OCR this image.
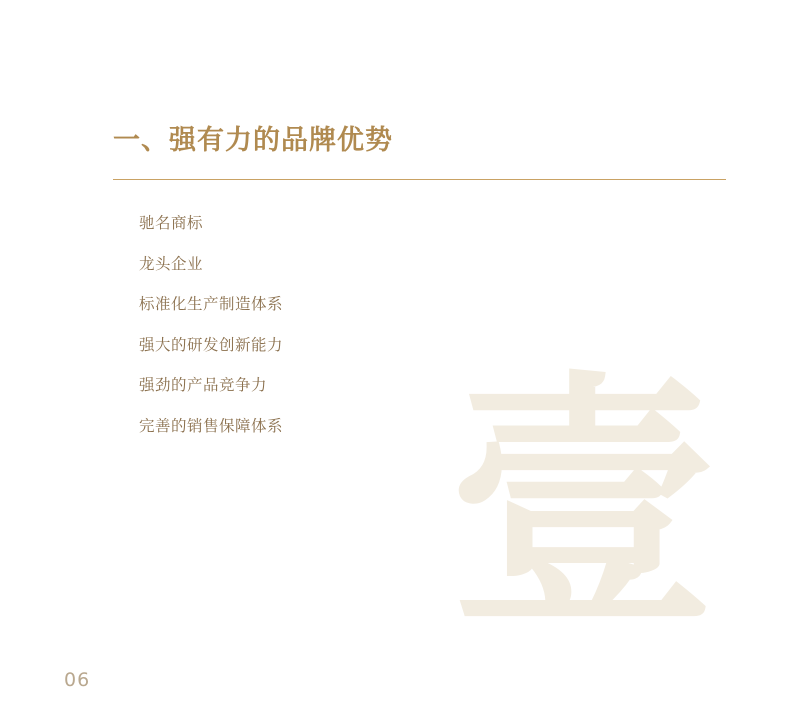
壹
一、强有力的品牌优势
驰名商标
龙头企业
标准化生产制造体系
强大的研发创新能力
强劲的产品竞争力
完善的销售保障体系
06
